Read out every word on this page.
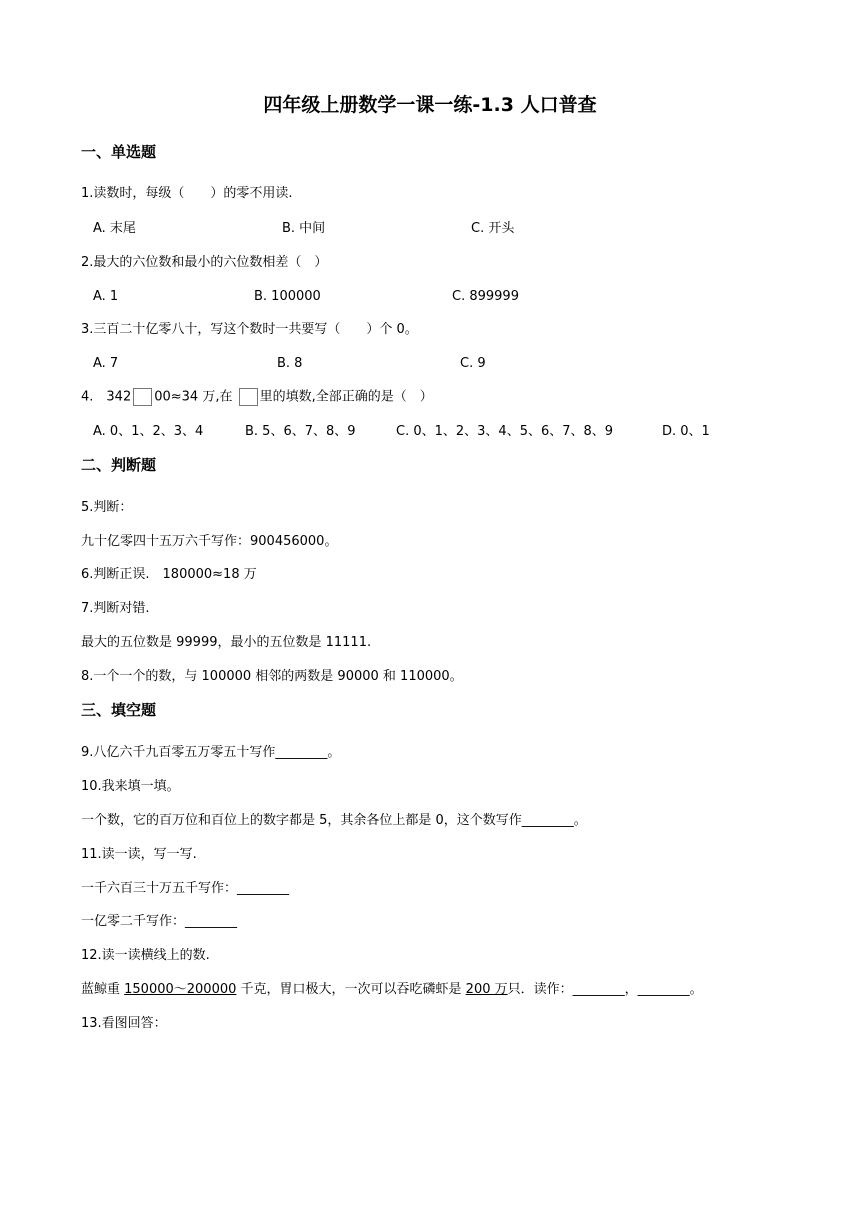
四年级上册数学一课一练-1.3 人口普查
一、单选题
1.读数时，每级（　　）的零不用读.
A. 末尾	B. 中间	C. 开头
2.最大的六位数和最小的六位数相差（　）
A. 1	B. 100000	C. 899999
3.三百二十亿零八十，写这个数时一共要写（　　）个 0。
A. 7	B. 8	C. 9
4.　342 00≈34 万,在 里的填数,全部正确的是（　）
A. 0、1、2、3、4	B. 5、6、7、8、9	C. 0、1、2、3、4、5、6、7、8、9	D. 0、1
二、判断题
5.判断：
九十亿零四十五万六千写作：900456000。
6.判断正误.　180000≈18 万
7.判断对错.
最大的五位数是 99999，最小的五位数是 11111.
8.一个一个的数，与 100000 相邻的两数是 90000 和 110000。
三、填空题
9.八亿六千九百零五万零五十写作________。
10.我来填一填。
一个数，它的百万位和百位上的数字都是 5，其余各位上都是 0，这个数写作________。
11.读一读，写一写.
一千六百三十万五千写作：________
一亿零二千写作：________
12.读一读横线上的数.
蓝鲸重 150000～200000 千克，胃口极大，一次可以吞吃磷虾是 200 万只．读作：________，________。
13.看图回答：
